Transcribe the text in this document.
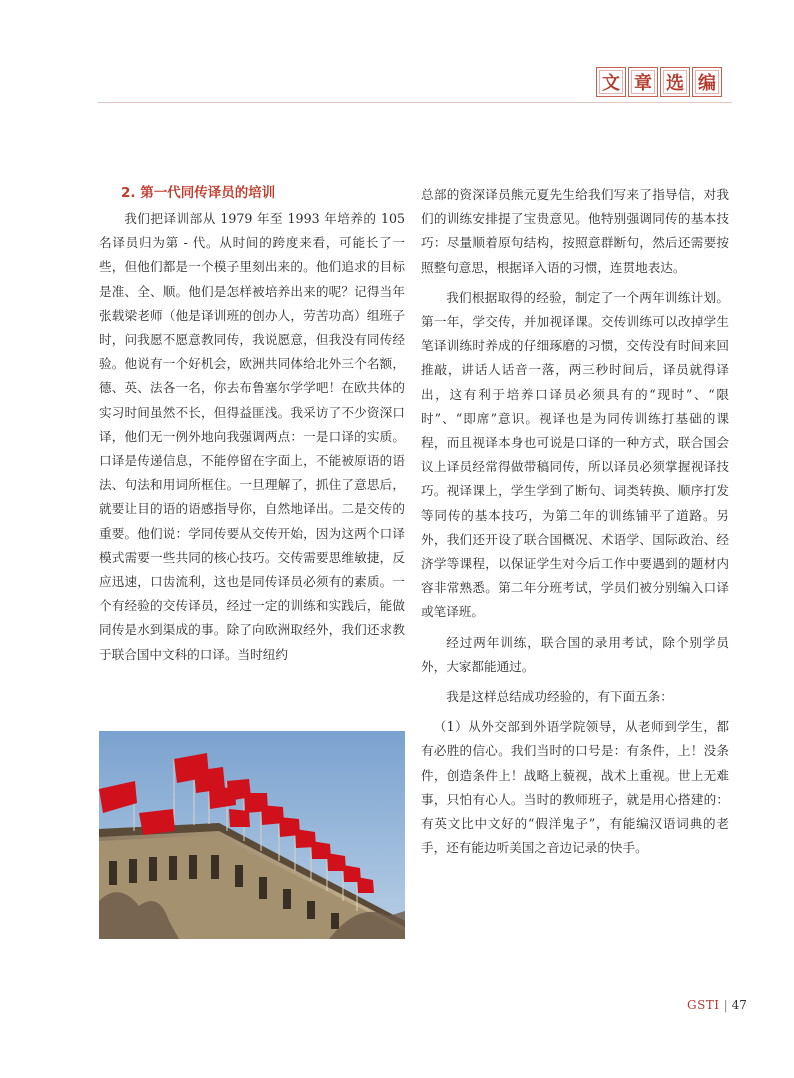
文 章 选 编
2. 第一代同传译员的培训

我们把译训部从 1979 年至 1993 年培养的 105 名译员归为第 - 代。从时间的跨度来看，可能长了一些，但他们都是一个模子里刻出来的。他们追求的目标是准、全、顺。他们是怎样被培养出来的呢？记得当年张载梁老师（他是译训班的创办人，劳苦功高）组班子时，问我愿不愿意教同传，我说愿意，但我没有同传经验。他说有一个好机会，欧洲共同体给北外三个名额，德、英、法各一名，你去布鲁塞尔学学吧！在欧共体的实习时间虽然不长，但得益匪浅。我采访了不少资深口译，他们无一例外地向我强调两点：一是口译的实质。口译是传递信息，不能停留在字面上，不能被原语的语法、句法和用词所框住。一旦理解了，抓住了意思后，就要让目的语的语感指导你，自然地译出。二是交传的重要。他们说：学同传要从交传开始，因为这两个口译模式需要一些共同的核心技巧。交传需要思维敏捷，反应迅速，口齿流利，这也是同传译员必须有的素质。一个有经验的交传译员，经过一定的训练和实践后，能做同传是水到渠成的事。除了向欧洲取经外，我们还求教于联合国中文科的口译。当时纽约

总部的资深译员熊元夏先生给我们写来了指导信，对我们的训练安排提了宝贵意见。他特别强调同传的基本技巧：尽量顺着原句结构，按照意群断句，然后还需要按照整句意思，根据译入语的习惯，连贯地表达。

我们根据取得的经验，制定了一个两年训练计划。第一年，学交传，并加视译课。交传训练可以改掉学生笔译训练时养成的仔细琢磨的习惯，交传没有时间来回推敲，讲话人话音一落，两三秒时间后，译员就得译出，这有利于培养口译员必须具有的“现时”、“限时”、“即席”意识。视译也是为同传训练打基础的课程，而且视译本身也可说是口译的一种方式，联合国会议上译员经常得做带稿同传，所以译员必须掌握视译技巧。视译课上，学生学到了断句、词类转换、顺序打发等同传的基本技巧，为第二年的训练铺平了道路。另外，我们还开设了联合国概况、术语学、国际政治、经济学等课程，以保证学生对今后工作中要遇到的题材内容非常熟悉。第二年分班考试，学员们被分别编入口译或笔译班。

经过两年训练，联合国的录用考试，除个别学员外，大家都能通过。

我是这样总结成功经验的，有下面五条：

（1）从外交部到外语学院领导，从老师到学生，都有必胜的信心。我们当时的口号是：有条件，上！没条件，创造条件上！战略上藐视，战术上重视。世上无难事，只怕有心人。当时的教师班子，就是用心搭建的：有英文比中文好的“假洋鬼子”，有能编汉语词典的老手，还有能边听美国之音边记录的快手。

GSTI | 47
